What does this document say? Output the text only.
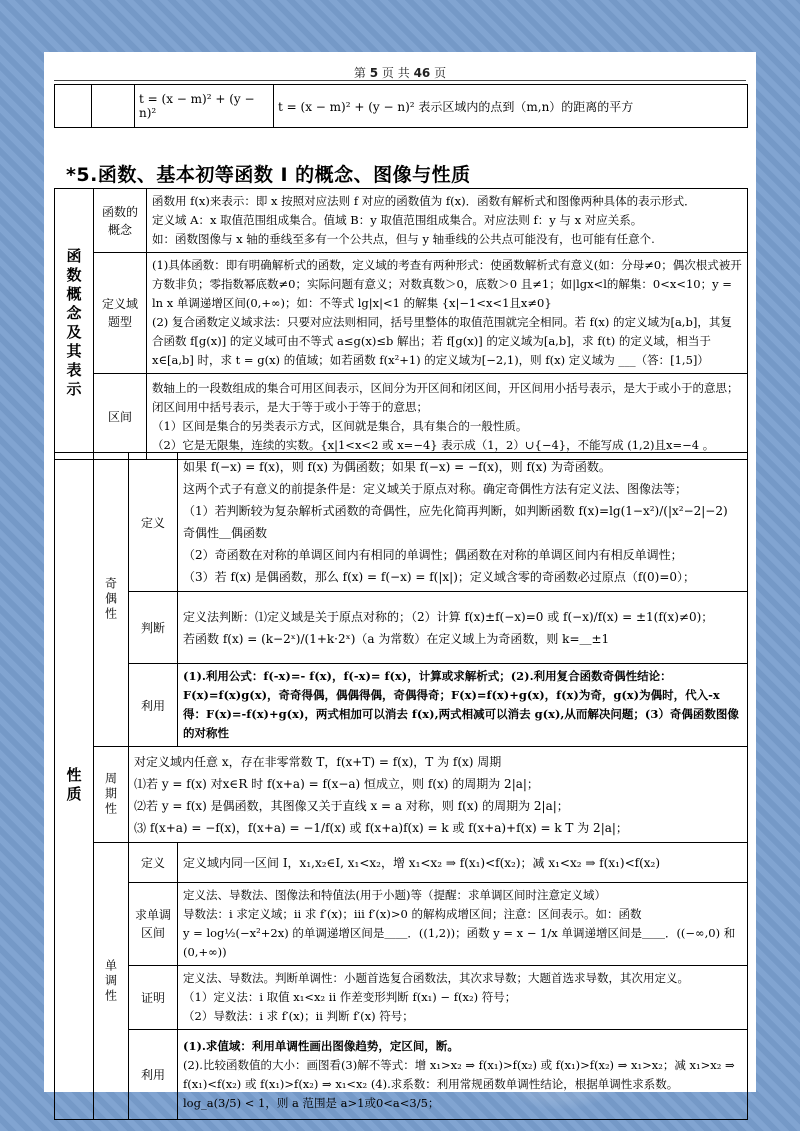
第 5 页 共 46 页
		t = (x − m)² + (y − n)²	t = (x − m)² + (y − n)² 表示区域内的点到（m,n）的距离的平方
*5.函数、基本初等函数 I 的概念、图像与性质
函数概念及其表示	函数的概念	函数用 f(x)来表示：即 x 按照对应法则 f 对应的函数值为 f(x)．函数有解析式和图像两种具体的表示形式．

定义域 A：x 取值范围组成集合。值域 B：y 取值范围组成集合。对应法则 f：y 与 x 对应关系。

如：函数图像与 x 轴的垂线至多有一个公共点，但与 y 轴垂线的公共点可能没有，也可能有任意个.

	定义域题型	(1)具体函数：即有明确解析式的函数，定义域的考查有两种形式：使函数解析式有意义(如：分母≠0；偶次根式被开方数非负；零指数幂底数≠0；实际问题有意义；对数真数＞0，底数＞0 且≠1；如|lgx<l的解集：0<x<10；y = ln x 单调递增区间(0,+∞)；如：不等式 lg|x|<1 的解集 {x|−1<x<1且x≠0}

(2) 复合函数定义域求法：只要对应法则相同，括号里整体的取值范围就完全相同。若 f(x) 的定义域为[a,b]，其复合函数 f[g(x)] 的定义域可由不等式 a≤g(x)≤b 解出；若 f[g(x)] 的定义域为[a,b]，求 f(t) 的定义域，相当于 x∈[a,b] 时，求 t = g(x) 的值域；如若函数 f(x²+1) 的定义域为[−2,1)，则 f(x) 定义域为 ___（答：[1,5]）

	区间	数轴上的一段数组成的集合可用区间表示，区间分为开区间和闭区间，开区间用小括号表示，是大于或小于的意思；闭区间用中括号表示，是大于等于或小于等于的意思；

（1）区间是集合的另类表示方式，区间就是集合，具有集合的一般性质。

（2）它是无限集，连续的实数。{x|1<x<2 或 x=−4} 表示成（1，2）∪{−4}，不能写成 (1,2)且x=−4 。

性质	奇偶性	定义	如果 f(−x) = f(x)，则 f(x) 为偶函数；如果 f(−x) = −f(x)，则 f(x) 为奇函数。

这两个式子有意义的前提条件是：定义域关于原点对称。确定奇偶性方法有定义法、图像法等；

（1）若判断较为复杂解析式函数的奇偶性，应先化简再判断，如判断函数 f(x)=lg(1−x²)/(|x²−2|−2) 奇偶性＿偶函数

（2）奇函数在对称的单调区间内有相同的单调性；偶函数在对称的单调区间内有相反单调性；

（3）若 f(x) 是偶函数，那么 f(x) = f(−x) = f(|x|)；定义域含零的奇函数必过原点（f(0)=0）；

		判断	定义法判断：⑴定义域是关于原点对称的；（2）计算 f(x)±f(−x)=0 或 f(−x)/f(x) = ±1(f(x)≠0)；

若函数 f(x) = (k−2ˣ)/(1+k·2ˣ)（a 为常数）在定义域上为奇函数，则 k=＿±1

		利用	(1).利用公式：f(-x)=- f(x)，f(-x)= f(x)，计算或求解析式；(2).利用复合函数奇偶性结论：F(x)=f(x)g(x)，奇奇得偶，偶偶得偶，奇偶得奇；F(x)=f(x)+g(x)，f(x)为奇，g(x)为偶时，代入-x 得：F(x)=-f(x)+g(x)，两式相加可以消去 f(x),两式相减可以消去 g(x),从而解决问题；(3）奇偶函数图像的对称性

	周期性	对定义域内任意 x，存在非零常数 T，f(x+T) = f(x)，T 为 f(x) 周期

⑴若 y = f(x) 对x∈R 时 f(x+a) = f(x−a) 恒成立，则 f(x) 的周期为 2|a|；

⑵若 y = f(x) 是偶函数，其图像又关于直线 x = a 对称，则 f(x) 的周期为 2|a|；

⑶ f(x+a) = −f(x)，f(x+a) = −1/f(x) 或 f(x+a)f(x) = k 或 f(x+a)+f(x) = k T 为 2|a|；	

	单调性	定义	定义域内同一区间 I，x₁,x₂∈I, x₁<x₂，增 x₁<x₂ ⇒ f(x₁)<f(x₂)；减 x₁<x₂ ⇒ f(x₁)<f(x₂)

		求单调区间	定义法、导数法、图像法和特值法(用于小题)等（提醒：求单调区间时注意定义域）

导数法：i 求定义域；ii 求 f′(x)；iii f′(x)>0 的解构成增区间；注意：区间表示。如：函数

y = log½(−x²+2x) 的单调递增区间是＿＿．((1,2))；函数 y = x − 1/x 单调递增区间是＿＿．((−∞,0) 和 (0,+∞))

		证明	定义法、导数法。判断单调性：小题首选复合函数法，其次求导数；大题首选求导数，其次用定义。

（1）定义法：i 取值 x₁<x₂ ii 作差变形判断 f(x₁) − f(x₂) 符号；

（2）导数法：i 求 f′(x)；ii 判断 f′(x) 符号；

		利用	(1).求值域：利用单调性画出图像趋势，定区间，断。

(2).比较函数值的大小：画图看(3)解不等式：增 x₁>x₂ ⇒ f(x₁)>f(x₂) 或 f(x₁)>f(x₂) ⇒ x₁>x₂；减 x₁>x₂ ⇒ f(x₁)<f(x₂) 或 f(x₁)>f(x₂) ⇒ x₁<x₂ (4).求系数：利用常规函数单调性结论，根据单调性求系数。

log_a(3/5) < 1，则 a 范围是 a>1或0<a<3/5；
